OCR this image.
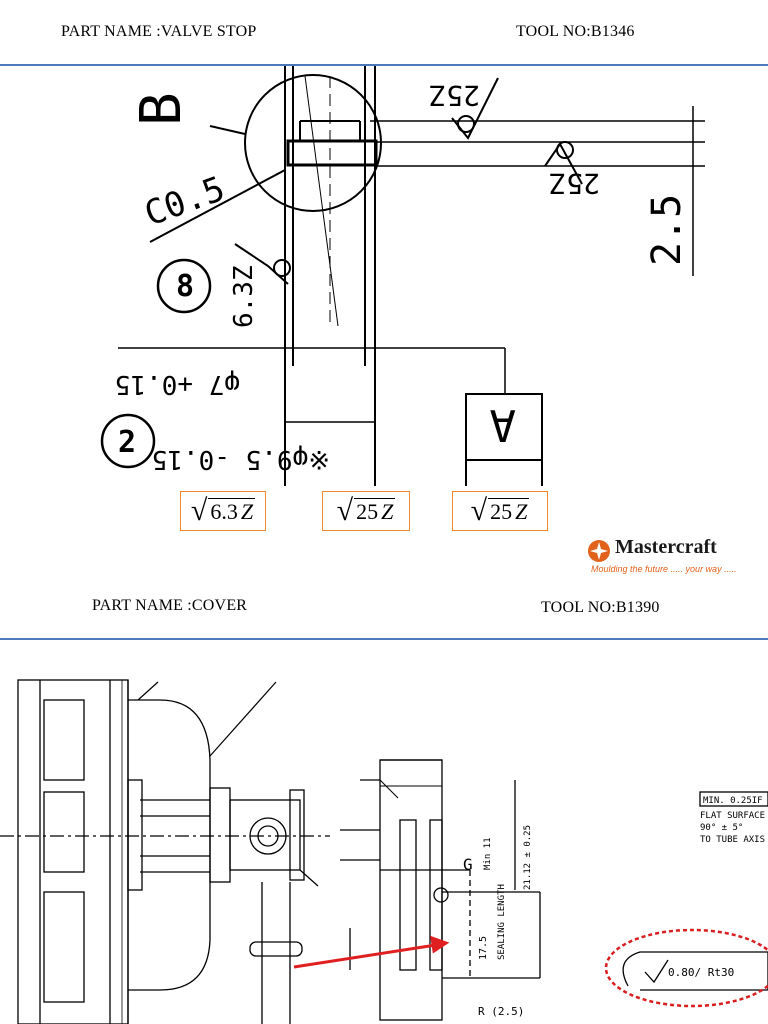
PART NAME :VALVE STOP	TOOL NO:B1346
C0.5
B	25Z
25Z
6.3Z
2.5
8
2
φ7 +0.15
※φ9.5 -0.15
A
√ 6.3 Z	√ 25 Z	√ 25 Z
Mastercraft
Moulding the future ..... your way .....
PART NAME :COVER	TOOL NO:B1390
MIN. 0.25IF
FLAT SURFACE
90° ± 5°
TO TUBE AXIS
0.80/ Rt30
17.5 SEALING LENGTH
G Min 11	21.12 ± 0.25
R (2.5)
